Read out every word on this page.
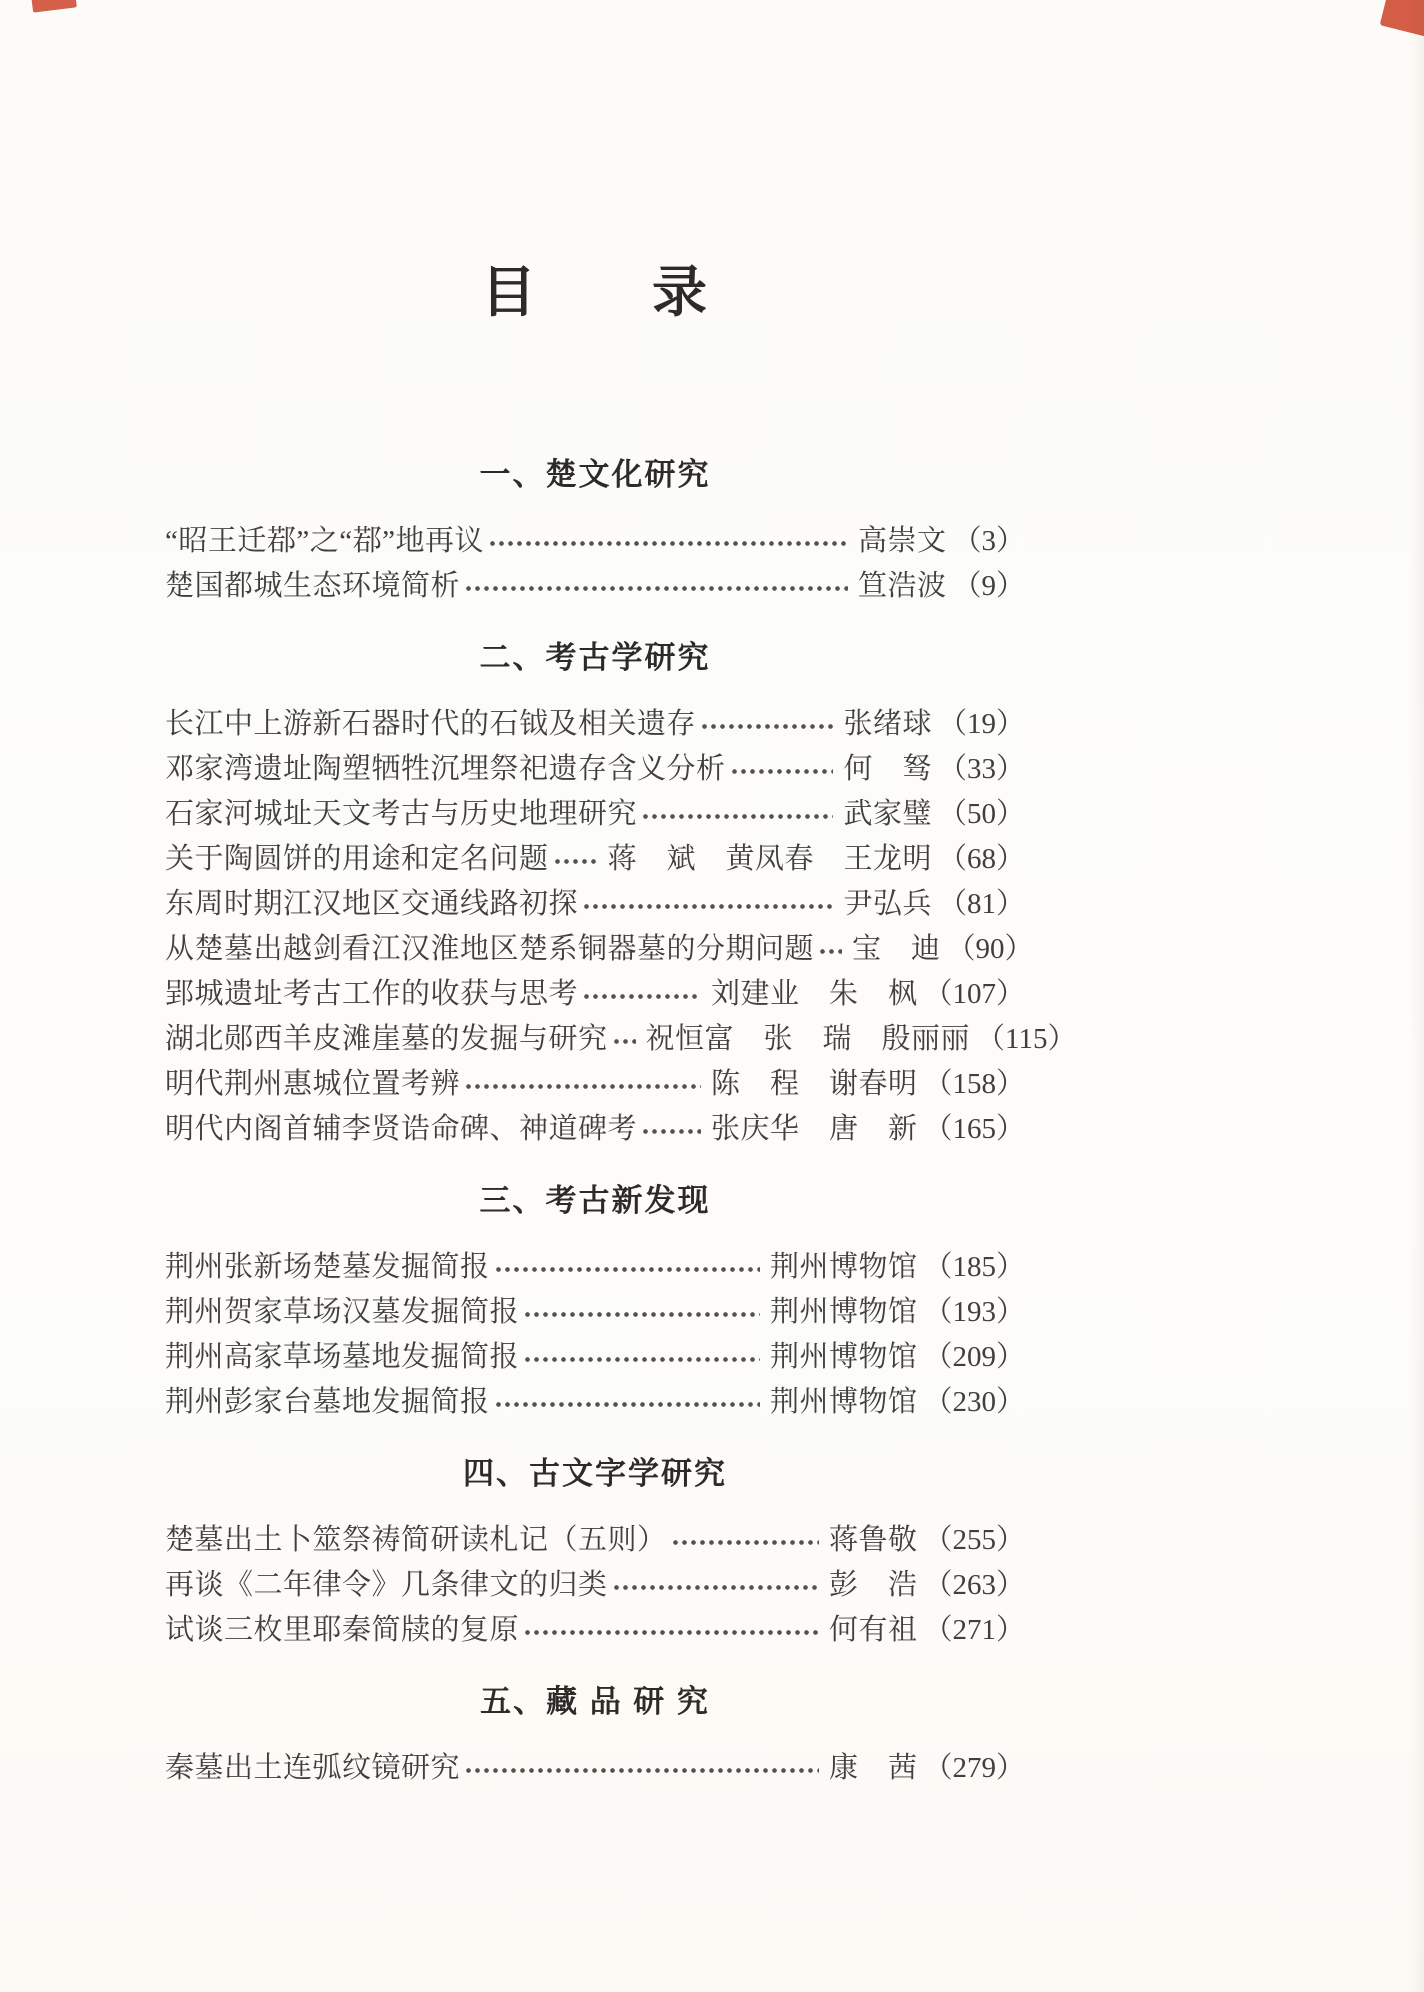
目　　录
一、楚文化研究
“昭王迁鄀”之“鄀”地再议	高崇文 （3）
楚国都城生态环境简析	笪浩波 （9）
二、考古学研究
长江中上游新石器时代的石钺及相关遗存	张绪球 （19）
邓家湾遗址陶塑牺牲沉埋祭祀遗存含义分析	何　驽 （33）
石家河城址天文考古与历史地理研究	武家璧 （50）
关于陶圆饼的用途和定名问题 蒋　斌　黄凤春　王龙明 （68）
东周时期江汉地区交通线路初探	尹弘兵 （81）
从楚墓出越剑看江汉淮地区楚系铜器墓的分期问题 宝　迪 （90）
郢城遗址考古工作的收获与思考	刘建业　朱　枫 （107）
湖北郧西羊皮滩崖墓的发掘与研究 祝恒富　张　瑞　殷丽丽 （115）
明代荆州惠城位置考辨	陈　程　谢春明 （158）
明代内阁首辅李贤诰命碑、神道碑考	张庆华　唐　新 （165）
三、考古新发现
荆州张新场楚墓发掘简报	荆州博物馆 （185）
荆州贺家草场汉墓发掘简报	荆州博物馆 （193）
荆州高家草场墓地发掘简报	荆州博物馆 （209）
荆州彭家台墓地发掘简报	荆州博物馆 （230）
四、古文字学研究
楚墓出土卜筮祭祷简研读札记（五则）	蒋鲁敬 （255）
再谈《二年律令》几条律文的归类	彭　浩 （263）
试谈三枚里耶秦简牍的复原	何有祖 （271）
五、藏 品 研 究
秦墓出土连弧纹镜研究	康　茜 （279）
